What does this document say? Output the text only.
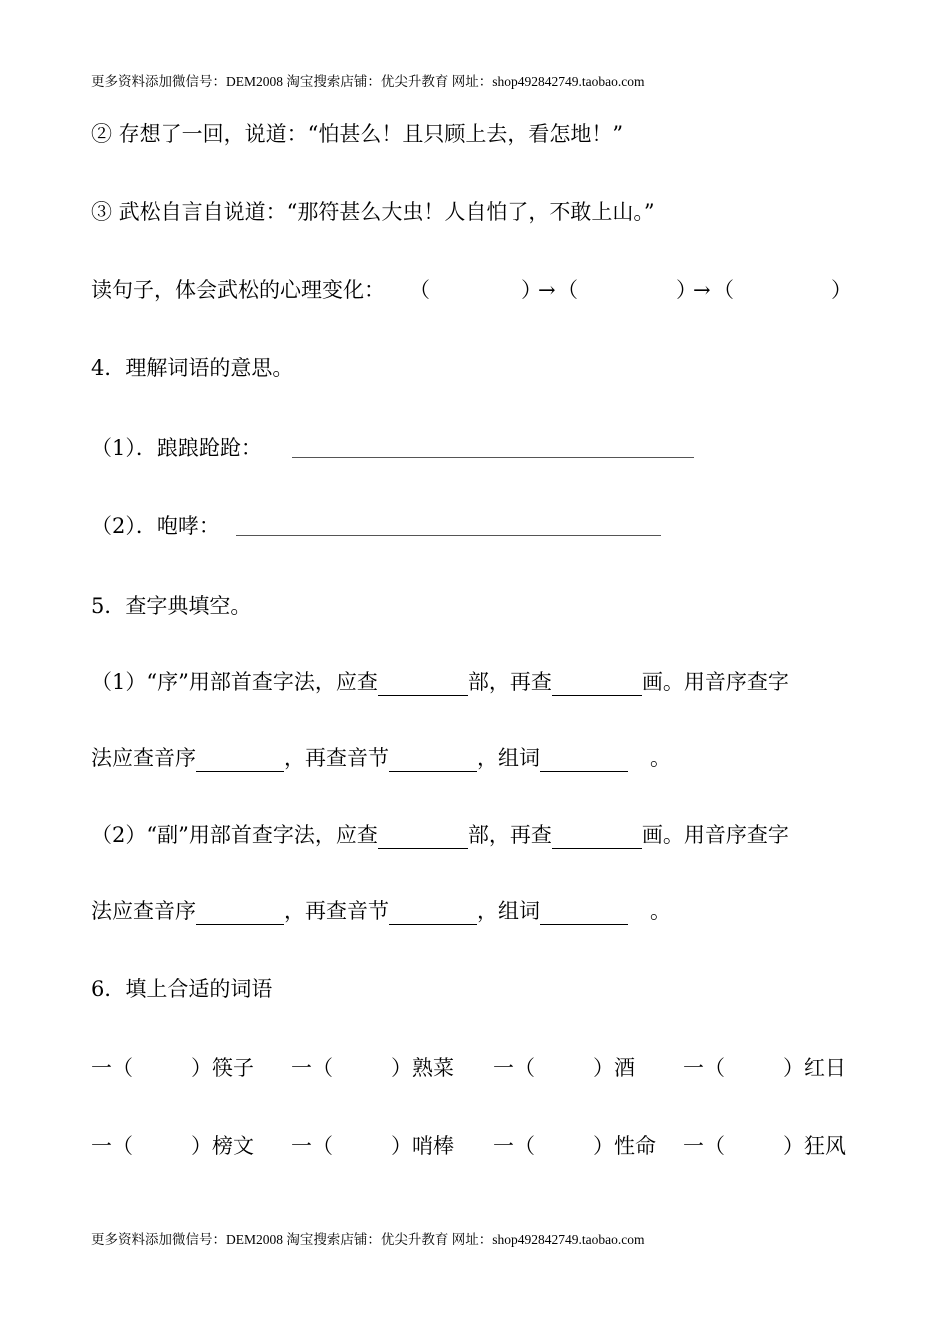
更多资料添加微信号：DEM2008 淘宝搜索店铺：优尖升教育 网址：shop492842749.taobao.com
② 存想了一回，说道：“怕甚么！且只顾上去，看怎地！”
③ 武松自言自说道：“那符甚么大虫！人自怕了，不敢上山。”
读句子，体会武松的心理变化： （	）
→ （	）
→ （	）
4．理解词语的意思。
（1）．踉踉跄跄：
（2）．咆哮：
5．查字典填空。
（1）“序”用部首查字法，应查	部，再查	画。用音序查字
法应查音序	，再查音节	，组词	。
（2）“副”用部首查字法，应查	部，再查	画。用音序查字
法应查音序	，再查音节	，组词	。
6．填上合适的词语
一（	）筷子 一（	）熟菜 一（	）酒 一（	）红日
一（	）榜文 一（	）哨棒 一（	）性命 一（	）狂风
更多资料添加微信号：DEM2008 淘宝搜索店铺：优尖升教育 网址：shop492842749.taobao.com
